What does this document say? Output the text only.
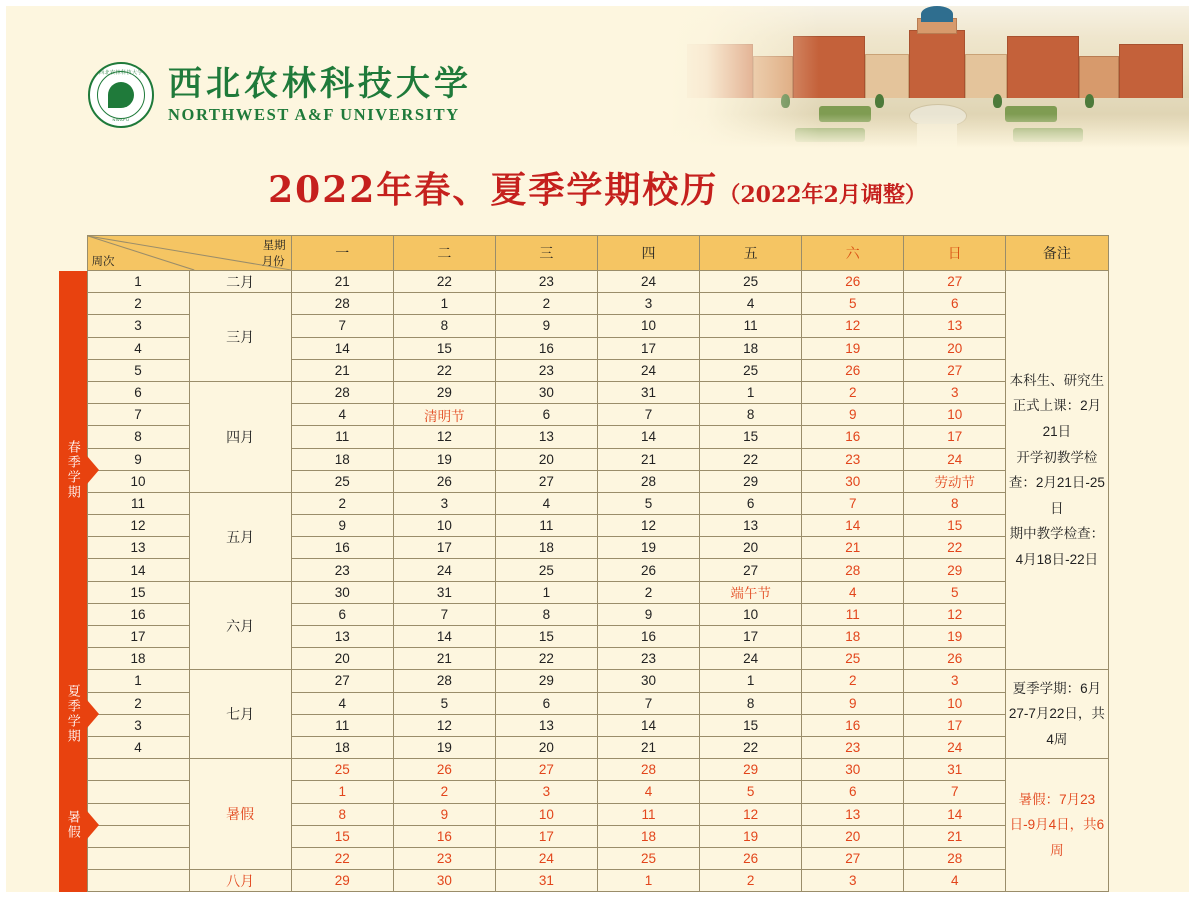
西北农林科技大学
NWAFU
西北农林科技大学
NORTHWEST A&F UNIVERSITY
2022年春、夏季学期校历（2022年2月调整）
春季学期
夏季学期
暑假
星期
月份
周次		一	二	三	四	五	六	日	备注
1	二月	21	22	23	24	25	26	27	本科生、研究生正式上课：2月21日
开学初教学检查：2月21日-25日
期中教学检查：4月18日-22日

2	三月	28	1	2	3	4	5	6	
3		7	8	9	10	11	12	13	
4		14	15	16	17	18	19	20	
5		21	22	23	24	25	26	27	
6	四月	28	29	30	31	1	2	3	
7		4	清明节	6	7	8	9	10	
8		11	12	13	14	15	16	17	
9		18	19	20	21	22	23	24	
10		25	26	27	28	29	30	劳动节	
11	五月	2	3	4	5	6	7	8	
12		9	10	11	12	13	14	15	
13		16	17	18	19	20	21	22	
14		23	24	25	26	27	28	29	
15	六月	30	31	1	2	端午节	4	5	
16		6	7	8	9	10	11	12	
17		13	14	15	16	17	18	19	
18		20	21	22	23	24	25	26	
1	七月	27	28	29	30	1	2	3	夏季学期：6月27-7月22日，共4周

2		4	5	6	7	8	9	10	
3		11	12	13	14	15	16	17	
4		18	19	20	21	22	23	24	
	暑假	25	26	27	28	29	30	31	暑假：7月23日-9月4日，共6周

		1	2	3	4	5	6	7	
		8	9	10	11	12	13	14	
		15	16	17	18	19	20	21	
		22	23	24	25	26	27	28	
	八月	29	30	31	1	2	3	4	
